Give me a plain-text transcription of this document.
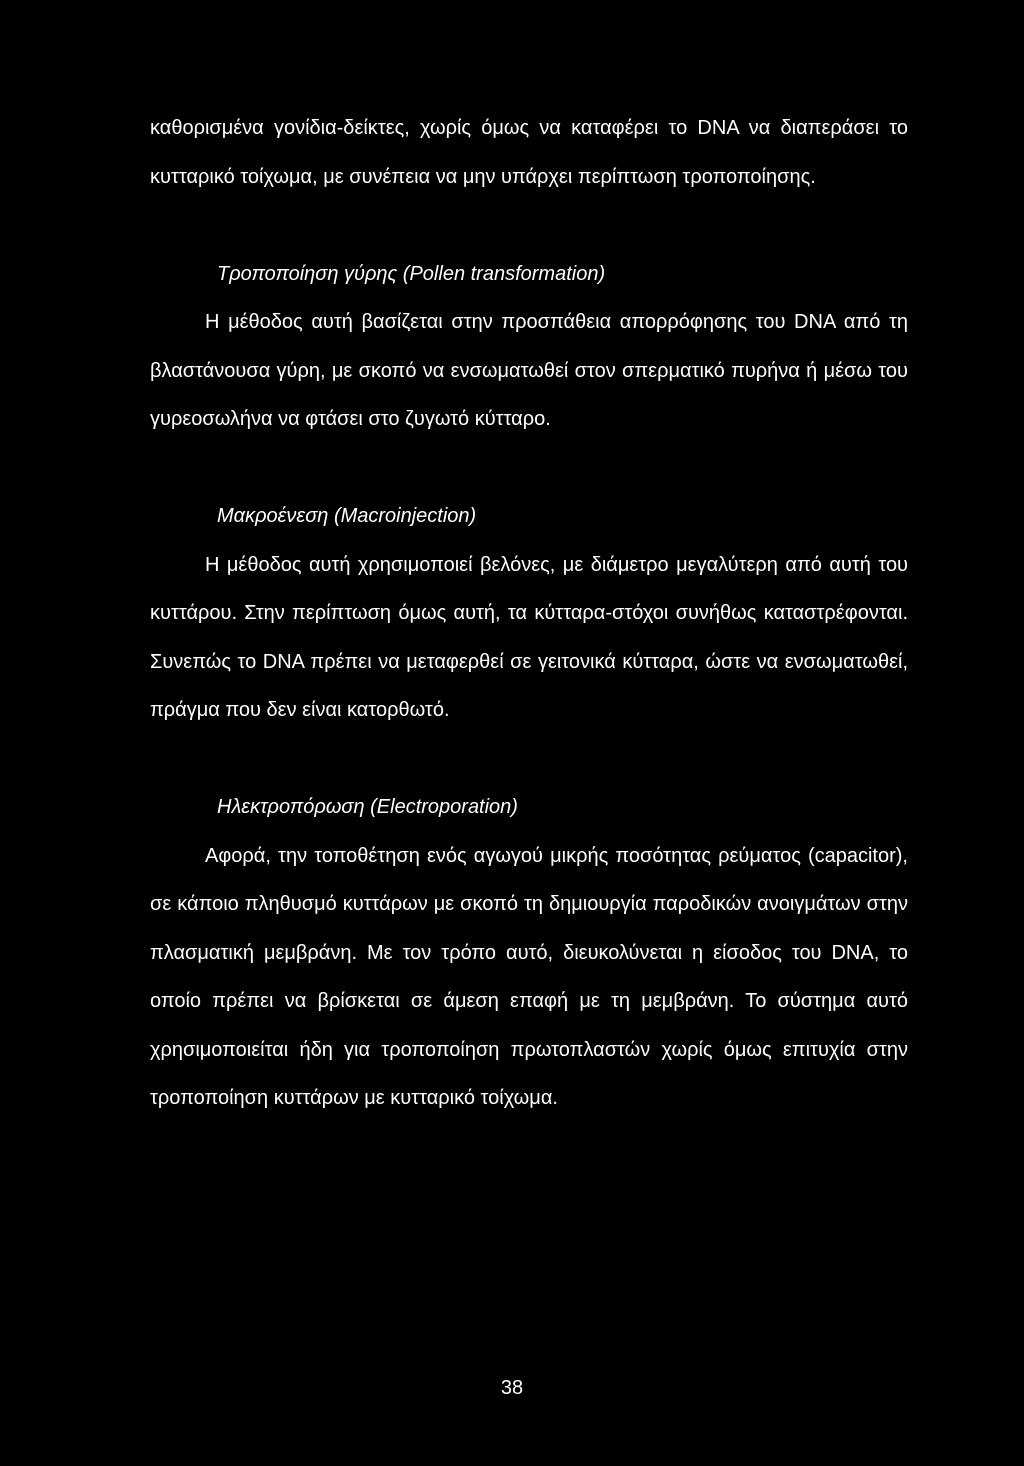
καθορισμένα γονίδια-δείκτες, χωρίς όμως να καταφέρει το DNA να διαπεράσει το κυτταρικό τοίχωμα, με συνέπεια να μην υπάρχει περίπτωση τροποποίησης.

Τροποποίηση γύρης (Pollen transformation)

Η μέθοδος αυτή βασίζεται στην προσπάθεια απορρόφησης του DNA από τη βλαστάνουσα γύρη, με σκοπό να ενσωματωθεί στον σπερματικό πυρήνα ή μέσω του γυρεοσωλήνα να φτάσει στο ζυγωτό κύτταρο.

Μακροένεση (Macroinjection)

Η μέθοδος αυτή χρησιμοποιεί βελόνες, με διάμετρο μεγαλύτερη από αυτή του κυττάρου. Στην περίπτωση όμως αυτή, τα κύτταρα-στόχοι συνήθως καταστρέφονται. Συνεπώς το DNA πρέπει να μεταφερθεί σε γειτονικά κύτταρα, ώστε να ενσωματωθεί, πράγμα που δεν είναι κατορθωτό.

Ηλεκτροπόρωση (Electroporation)

Αφορά, την τοποθέτηση ενός αγωγού μικρής ποσότητας ρεύματος (capacitor), σε κάποιο πληθυσμό κυττάρων με σκοπό τη δημιουργία παροδικών ανοιγμάτων στην πλασματική μεμβράνη. Με τον τρόπο αυτό, διευκολύνεται η είσοδος του DNA, το οποίο πρέπει να βρίσκεται σε άμεση επαφή με τη μεμβράνη. Το σύστημα αυτό χρησιμοποιείται ήδη για τροποποίηση πρωτοπλαστών χωρίς όμως επιτυχία στην τροποποίηση κυττάρων με κυτταρικό τοίχωμα.

38
